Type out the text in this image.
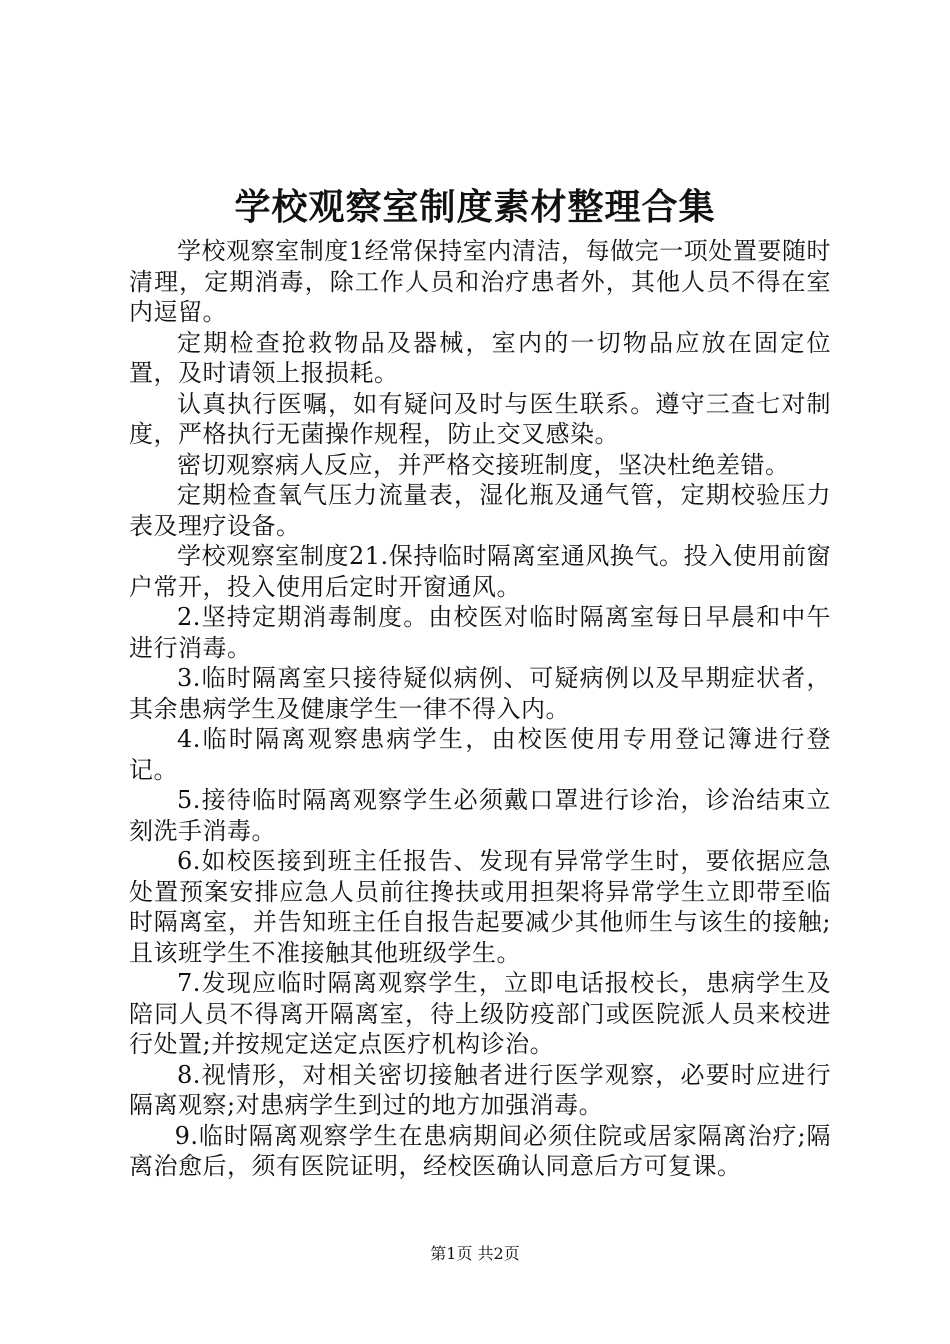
学校观察室制度素材整理合集

学校观察室制度1经常保持室内清洁，每做完一项处置要随时清理，定期消毒，除工作人员和治疗患者外，其他人员不得在室内逗留。

定期检查抢救物品及器械，室内的一切物品应放在固定位置，及时请领上报损耗。

认真执行医嘱，如有疑问及时与医生联系。遵守三查七对制度，严格执行无菌操作规程，防止交叉感染。

密切观察病人反应，并严格交接班制度，坚决杜绝差错。

定期检查氧气压力流量表，湿化瓶及通气管，定期校验压力表及理疗设备。

学校观察室制度21.保持临时隔离室通风换气。投入使用前窗户常开，投入使用后定时开窗通风。

2.坚持定期消毒制度。由校医对临时隔离室每日早晨和中午进行消毒。

3.临时隔离室只接待疑似病例、可疑病例以及早期症状者，其余患病学生及健康学生一律不得入内。

4.临时隔离观察患病学生，由校医使用专用登记簿进行登记。

5.接待临时隔离观察学生必须戴口罩进行诊治，诊治结束立刻洗手消毒。

6.如校医接到班主任报告、发现有异常学生时，要依据应急处置预案安排应急人员前往搀扶或用担架将异常学生立即带至临时隔离室，并告知班主任自报告起要减少其他师生与该生的接触;且该班学生不准接触其他班级学生。

7.发现应临时隔离观察学生，立即电话报校长，患病学生及陪同人员不得离开隔离室，待上级防疫部门或医院派人员来校进行处置;并按规定送定点医疗机构诊治。

8.视情形，对相关密切接触者进行医学观察，必要时应进行隔离观察;对患病学生到过的地方加强消毒。

9.临时隔离观察学生在患病期间必须住院或居家隔离治疗;隔离治愈后，须有医院证明，经校医确认同意后方可复课。

第1页 共2页
